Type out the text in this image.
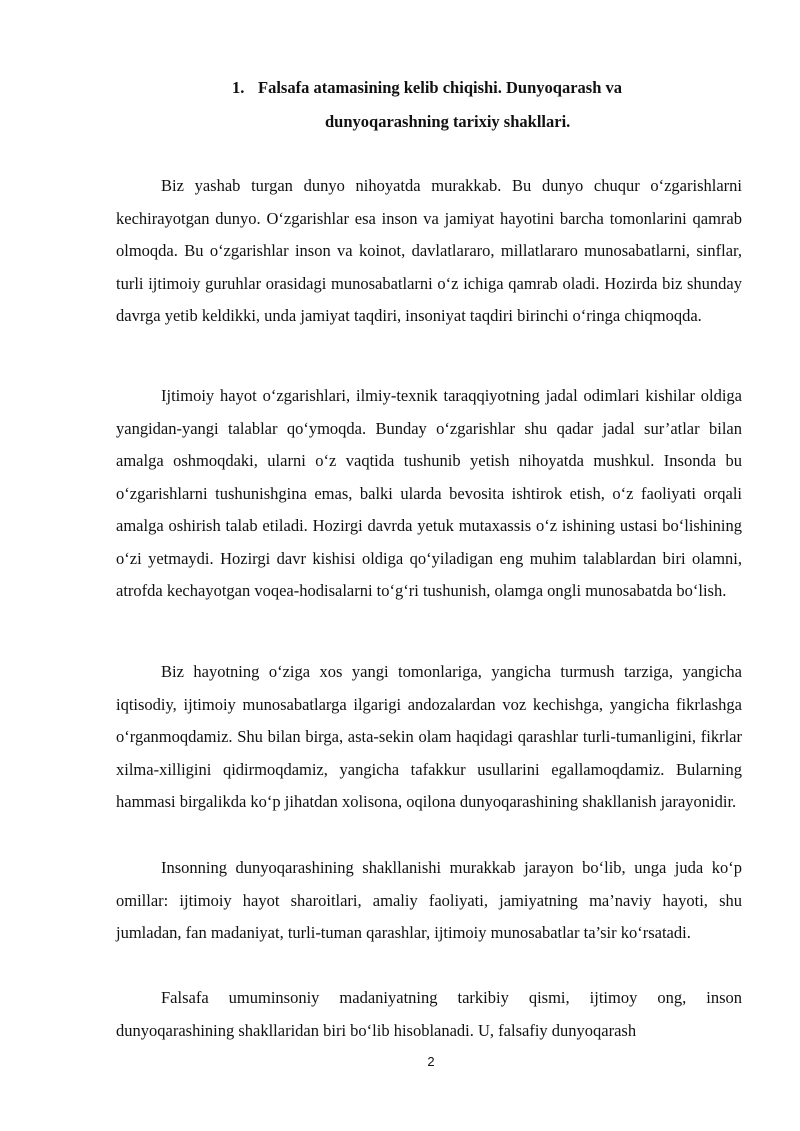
1. Falsafa atamasining kelib chiqishi. Dunyoqarash va
dunyoqarashning tarixiy shakllari.

Biz yashab turgan dunyo nihoyatda murakkab. Bu dunyo chuqur o‘zgarishlarni kechirayotgan dunyo. O‘zgarishlar esa inson va jamiyat hayotini barcha tomonlarini qamrab olmoqda. Bu o‘zgarishlar inson va koinot, davlatlararo, millatlararo munosabatlarni, sinflar, turli ijtimoiy guruhlar orasidagi munosabatlarni o‘z ichiga qamrab oladi. Hozirda biz shunday davrga yetib keldikki, unda jamiyat taqdiri, insoniyat taqdiri birinchi o‘ringa chiqmoqda.

Ijtimoiy hayot o‘zgarishlari, ilmiy-texnik taraqqiyotning jadal odimlari kishilar oldiga yangidan-yangi talablar qo‘ymoqda. Bunday o‘zgarishlar shu qadar jadal sur’atlar bilan amalga oshmoqdaki, ularni o‘z vaqtida tushunib yetish nihoyatda mushkul. Insonda bu o‘zgarishlarni tushunishgina emas, balki ularda bevosita ishtirok etish, o‘z faoliyati orqali amalga oshirish talab etiladi. Hozirgi davrda yetuk mutaxassis o‘z ishining ustasi bo‘lishining o‘zi yetmaydi. Hozirgi davr kishisi oldiga qo‘yiladigan eng muhim talablardan biri olamni, atrofda kechayotgan voqea-hodisalarni to‘g‘ri tushunish, olamga ongli munosabatda bo‘lish.

Biz hayotning o‘ziga xos yangi tomonlariga, yangicha turmush tarziga, yangicha iqtisodiy, ijtimoiy munosabatlarga ilgarigi andozalardan voz kechishga, yangicha fikrlashga o‘rganmoqdamiz. Shu bilan birga, asta-sekin olam haqidagi qarashlar turli-tumanligini, fikrlar xilma-xilligini qidirmoqdamiz, yangicha tafakkur usullarini egallamoqdamiz. Bularning hammasi birgalikda ko‘p jihatdan xolisona, oqilona dunyoqarashining shakllanish jarayonidir.

Insonning dunyoqarashining shakllanishi murakkab jarayon bo‘lib, unga juda ko‘p omillar: ijtimoiy hayot sharoitlari, amaliy faoliyati, jamiyatning ma’naviy hayoti, shu jumladan, fan madaniyat, turli-tuman qarashlar, ijtimoiy munosabatlar ta’sir ko‘rsatadi.

Falsafa umuminsoniy madaniyatning tarkibiy qismi, ijtimoy ong, inson dunyoqarashining shakllaridan biri bo‘lib hisoblanadi. U, falsafiy dunyoqarash

2
